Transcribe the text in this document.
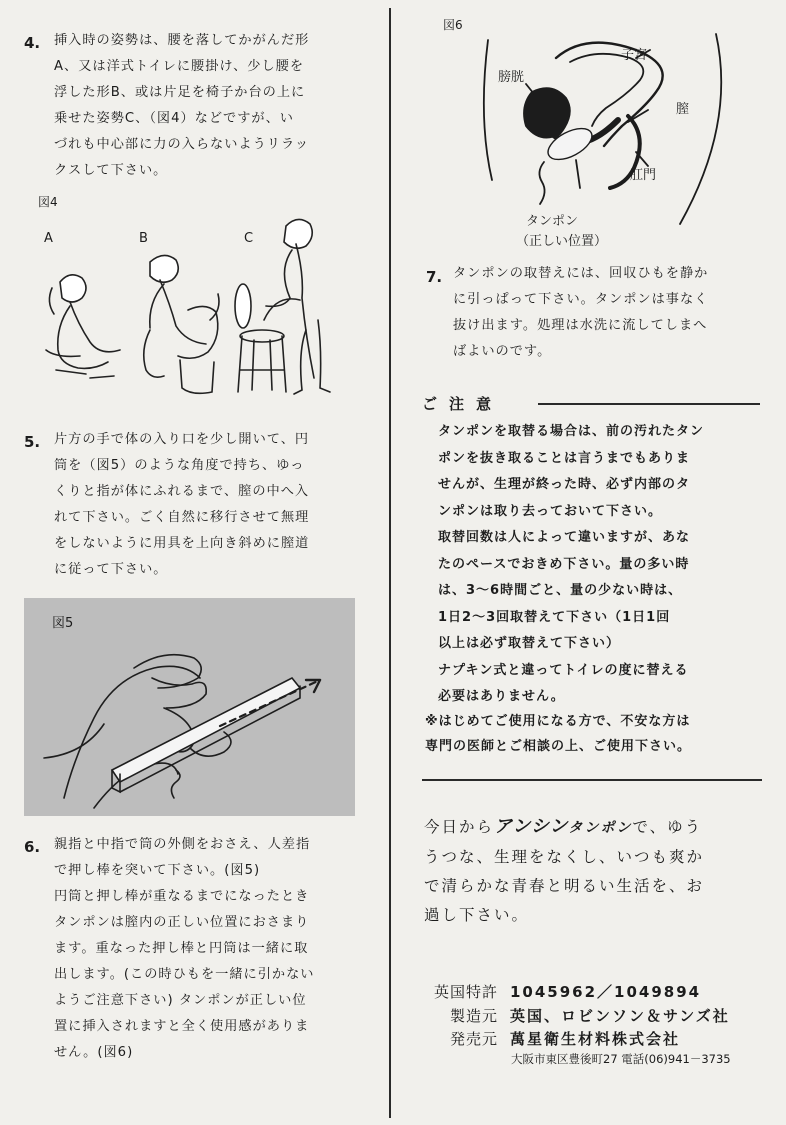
4. 挿入時の姿勢は、腰を落してかがんだ形
A、又は洋式トイレに腰掛け、少し腰を
浮した形B、或は片足を椅子か台の上に
乗せた姿勢C、（図4）などですが、い
づれも中心部に力の入らないようリラッ
クスして下さい。
図4
A	B	C
5. 片方の手で体の入り口を少し開いて、円
筒を（図5）のような角度で持ち、ゆっ
くりと指が体にふれるまで、膣の中へ入
れて下さい。ごく自然に移行させて無理
をしないように用具を上向き斜めに膣道
に従って下さい。
図5
6. 親指と中指で筒の外側をおさえ、人差指
で押し棒を突いて下さい。(図5)
円筒と押し棒が重なるまでになったとき
タンポンは膣内の正しい位置におさまり
ます。重なった押し棒と円筒は一緒に取
出します。(この時ひもを一緒に引かない
ようご注意下さい) タンポンが正しい位
置に挿入されますと全く使用感がありま
せん。(図6)
図6
子宮
膀胱
膣
肛門
タンポン
（正しい位置）
7. タンポンの取替えには、回収ひもを静か
に引っぱって下さい。タンポンは事なく
抜け出ます。処理は水洗に流してしまへ
ばよいのです。
ご注意
タンポンを取替る場合は、前の汚れたタン
ポンを抜き取ることは言うまでもありま
せんが、生理が終った時、必ず内部のタ
ンポンは取り去っておいて下さい。
取替回数は人によって違いますが、あな
たのペースでおきめ下さい。量の多い時
は、3～6時間ごと、量の少ない時は、
1日2～3回取替えて下さい（1日1回
以上は必ず取替えて下さい）
ナプキン式と違ってトイレの度に替える
必要はありません。
※はじめてご使用になる方で、不安な方は
専門の医師とご相談の上、ご使用下さい。
今日からアンシンタンポンで、ゆう
うつな、生理をなくし、いつも爽か
で清らかな青春と明るい生活を、お
過し下さい。
英国特許 1045962／1049894
製造元 英国、ロビンソン＆サンズ社
発売元 萬星衛生材料株式会社
大阪市東区豊後町27 電話(06)941－3735
